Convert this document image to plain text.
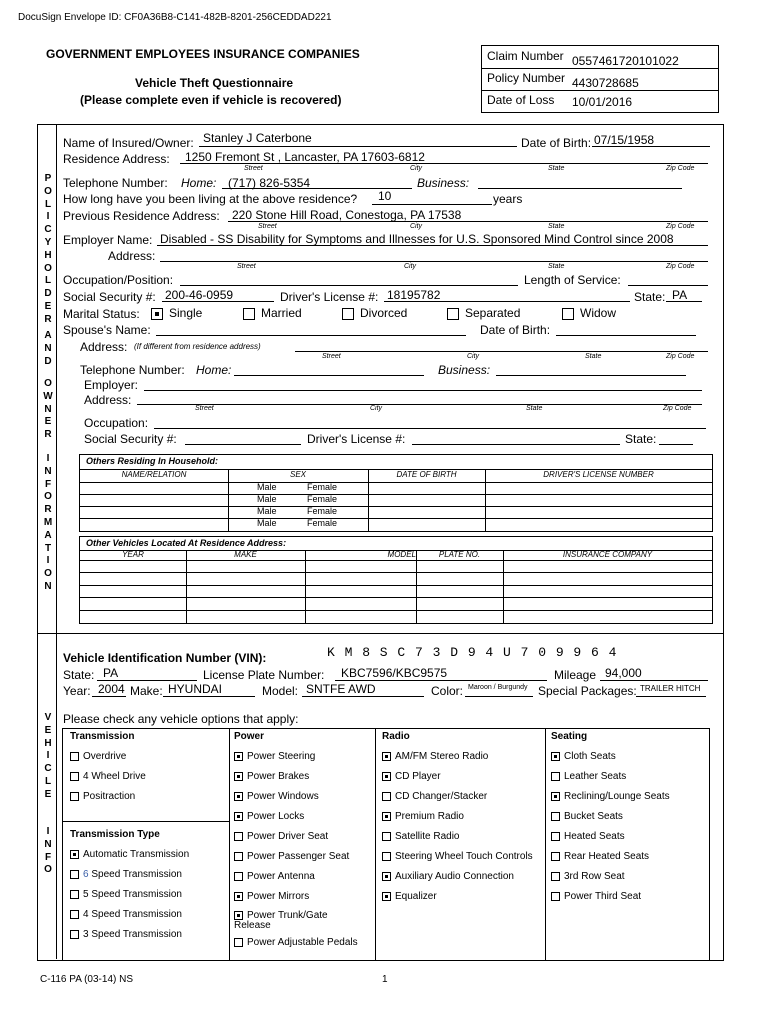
DocuSign Envelope ID: CF0A36B8-C141-482B-8201-256CEDDAD221
GOVERNMENT EMPLOYEES INSURANCE COMPANIES
Vehicle Theft Questionnaire
(Please complete even if vehicle is recovered)
Claim Number 0557461720101022
Policy Number 4430728685
Date of Loss 10/01/2016
P
O
L
I
C
Y
H
O
L
D
E
R
A
N
D
O
W
N
E
R
I
N
F
O
R
M
A
T
I
O
N
V
E
H
I
C
L
E
I
N
F
O
Name of Insured/Owner: Stanley J Caterbone	Date of Birth: 07/15/1958
Residence Address: 1250 Fremont St , Lancaster, PA 17603-6812
Street	City	State	Zip Code
Telephone Number: Home: (717) 826-5354	Business:
How long have you been living at the above residence? 10	years
Previous Residence Address: 220 Stone Hill Road, Conestoga, PA 17538
Street	City	State	Zip Code
Employer Name: Disabled - SS Disability for Symptoms and Illnesses for U.S. Sponsored Mind Control since 2008
Address:
Street	City	State	Zip Code
Occupation/Position:	Length of Service:
Social Security #: 200-46-0959	Driver's License #: 18195782	State: PA
Marital Status:	Single	Married	Divorced	Separated	Widow
Spouse's Name:	Date of Birth:
Address: (If different from residence address)
Street	City	State	Zip Code
Telephone Number: Home:	Business:
Employer:
Address:
Street	City	State	Zip Code
Occupation:
Social Security #:	Driver's License #:	State:
Others Residing In Household:
NAME/RELATION	SEX	DATE OF BIRTH	DRIVER'S LICENSE NUMBER
Male	Female
Male	Female
Male	Female
Male	Female
Other Vehicles Located At Residence Address:
YEAR	MAKE	MODEL	PLATE NO.	INSURANCE COMPANY
Vehicle Identification Number (VIN):	K M 8 S C 7 3 D 9 4 U 7 0 9 9 6 4
State: PA	License Plate Number: KBC7596/KBC9575	Mileage 94,000
Year: 2004 Make: HYUNDAI	Model: SNTFE AWD	Color: Maroon / Burgundy Special Packages: TRAILER HITCH
Please check any vehicle options that apply:
Transmission
Overdrive
4 Wheel Drive
Positraction
Transmission Type
Automatic Transmission
6 Speed Transmission
5 Speed Transmission
4 Speed Transmission
3 Speed Transmission
Power
Power Steering
Power Brakes
Power Windows
Power Locks
Power Driver Seat
Power Passenger Seat
Power Antenna
Power Mirrors
Power Trunk/Gate
Release
Power Adjustable Pedals
Radio
AM/FM Stereo Radio
CD Player
CD Changer/Stacker
Premium Radio
Satellite Radio
Steering Wheel Touch Controls
Auxiliary Audio Connection
Equalizer
Seating
Cloth Seats
Leather Seats
Reclining/Lounge Seats
Bucket Seats
Heated Seats
Rear Heated Seats
3rd Row Seat
Power Third Seat
C-116 PA (03-14) NS	1
